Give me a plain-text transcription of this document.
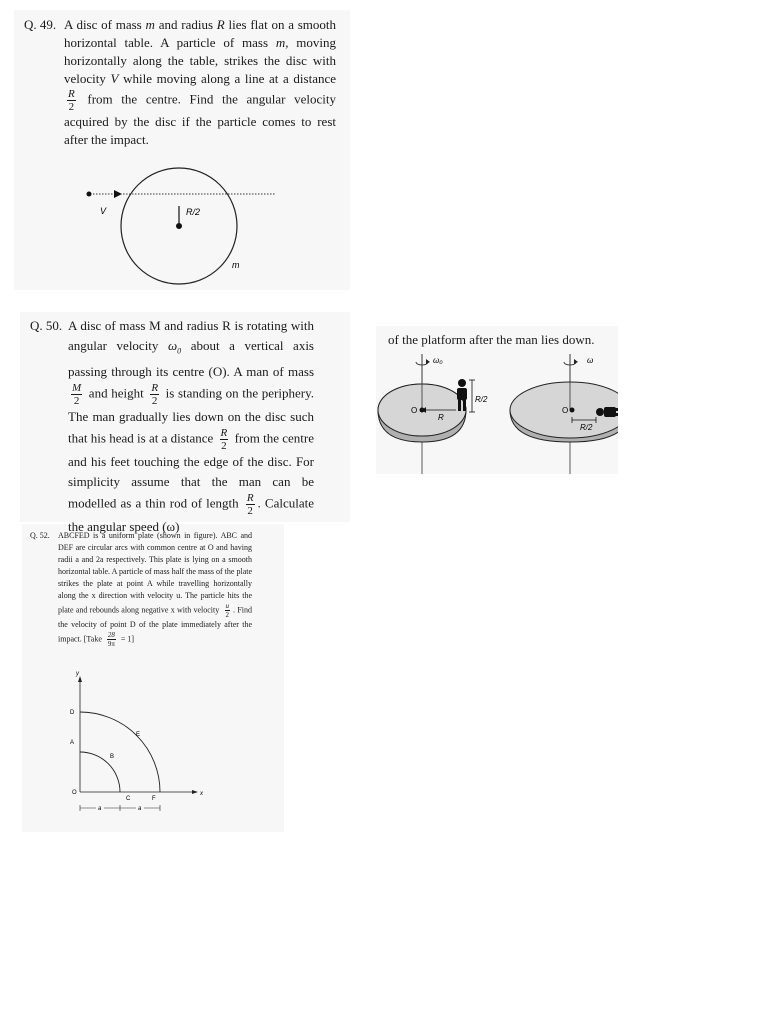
Q. 49. A disc of mass m and radius R lies flat on a smooth horizontal table. A particle of mass m, moving horizontally along the table, strikes the disc with velocity V while moving along a line at a distance
$\frac{R}{2}$ from the centre. Find the angular velocity acquired by the disc if the particle comes to rest after the impact.
V	R/2
m
Q. 50. A disc of mass M and radius R is rotating with angular velocity $\omega_0$ about a vertical axis passing through its centre (O). A man of mass
$\frac{M}{2}$ and height $\frac{R}{2}$ is standing on the periphery. The man gradually lies down on the disc such that his head is at a distance $\frac{R}{2}$ from the centre and his feet touching the edge of the disc. For simplicity assume that the man can be modelled as a thin rod of length $\frac{R}{2}$ . Calculate the angular speed (ω)
of the platform after the man lies down.
ω₀
O
R
R/2
ω
O
R/2
Q. 52. ABCFED is a uniform plate (shown in figure). ABC and DEF are circular arcs with common centre at O and having radii a and 2a respectively. This plate is lying on a smooth horizontal table. A particle of mass half the mass of the plate strikes the plate at point A while travelling horizontally along the x direction with velocity u. The particle hits the plate and rebounds along negative x with velocity $\frac{u}{2}$ . Find the velocity of point D of the plate immediately after the impact. [Take $\frac{28}{9\pi} = 1$]
y
x
D
E
A
B
O
C	F
a	a
